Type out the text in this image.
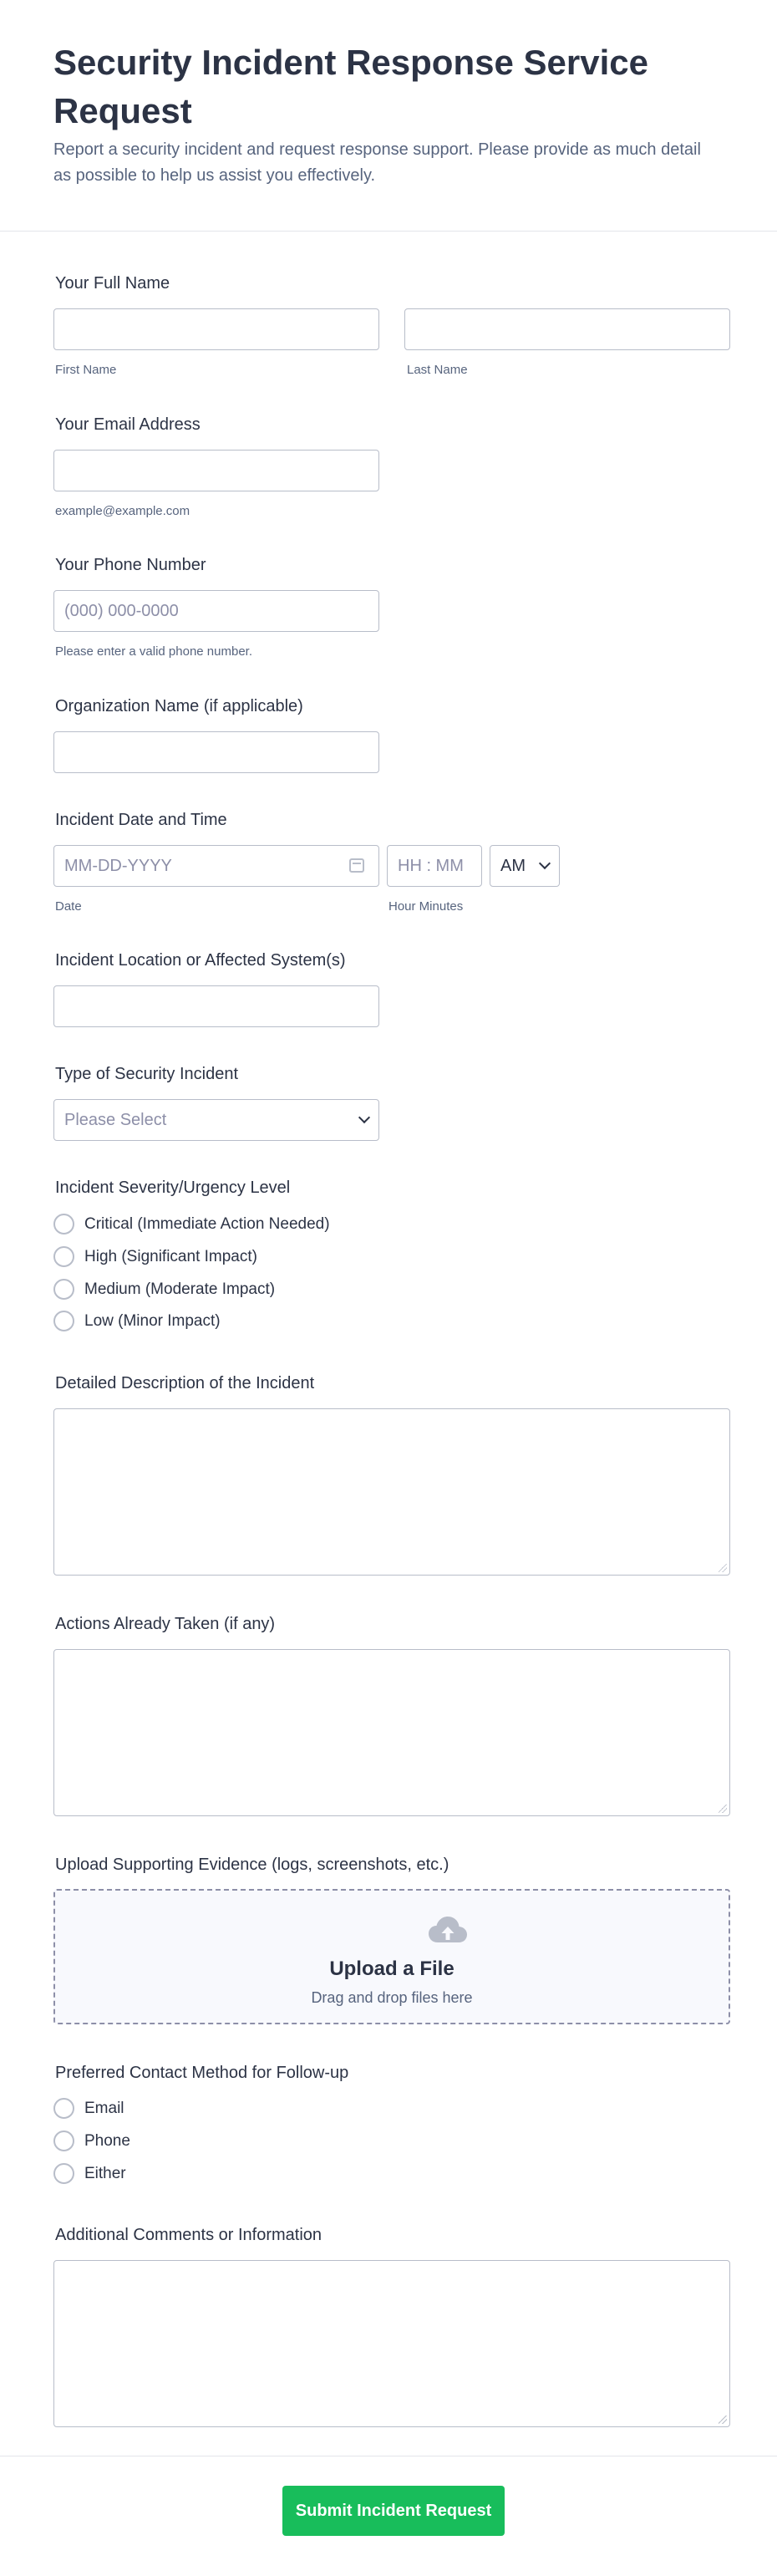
Security Incident Response Service Request
Report a security incident and request response support. Please provide as much detail as possible to help us assist you effectively.
Your Full Name
First Name	Last Name
Your Email Address
example@example.com
Your Phone Number
(000) 000-0000
Please enter a valid phone number.
Organization Name (if applicable)
Incident Date and Time
MM-DD-YYYY
HH : MM
AM
Date	Hour Minutes
Incident Location or Affected System(s)
Type of Security Incident
Please Select
Incident Severity/Urgency Level
Critical (Immediate Action Needed)
High (Significant Impact)
Medium (Moderate Impact)
Low (Minor Impact)
Detailed Description of the Incident
Actions Already Taken (if any)
Upload Supporting Evidence (logs, screenshots, etc.)
Upload a File
Drag and drop files here
Preferred Contact Method for Follow-up
Email
Phone
Either
Additional Comments or Information
Submit Incident Request
